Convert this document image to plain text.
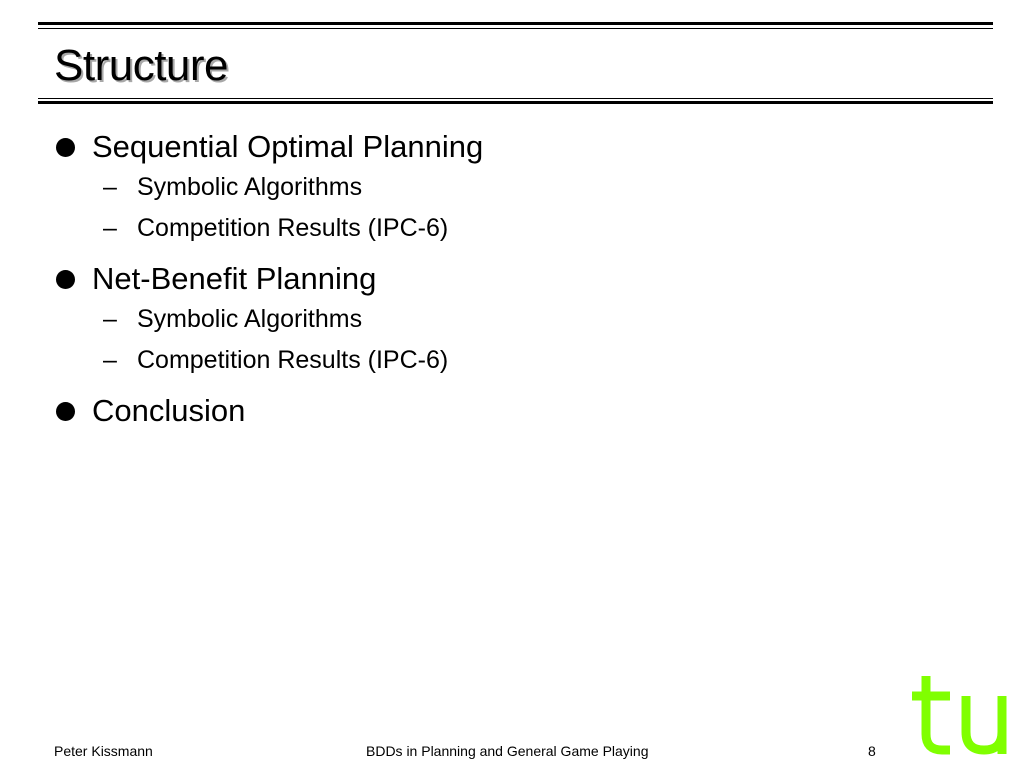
Structure
Sequential Optimal Planning
– Symbolic Algorithms
– Competition Results (IPC-6)
Net-Benefit Planning
– Symbolic Algorithms
– Competition Results (IPC-6)
Conclusion
Peter Kissmann	BDDs in Planning and General Game Playing	8
